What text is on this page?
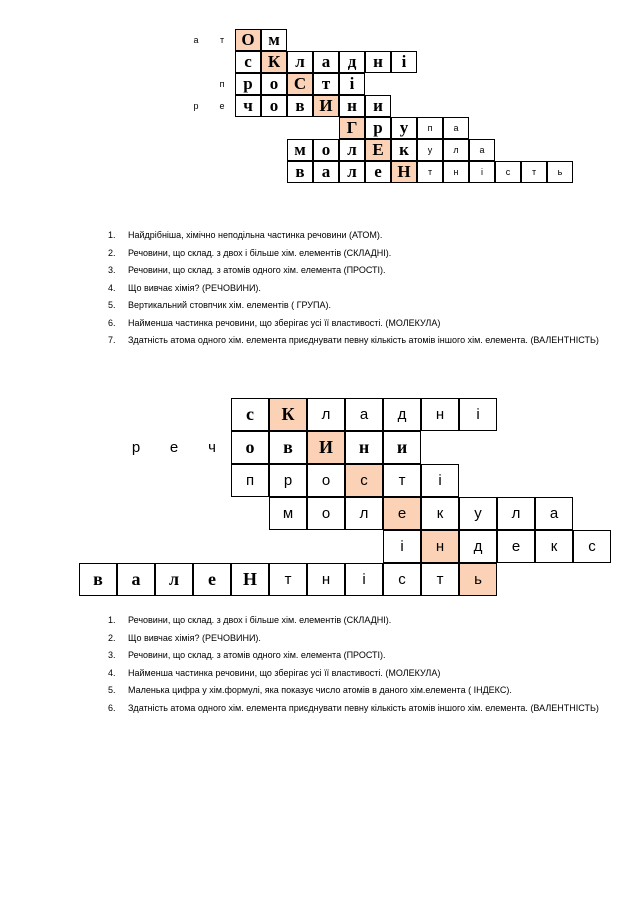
а	т	О м
с К л а	д н	і
п	р	о С т	і
р	е	ч о	в И н и
Г р	у	п	а
м о л Е к	у	л	а
в	а л	е Н	т	н	і	с	т	ь
с	К	л	а	д	н	і
р	е	ч	о	в	И	н	и
п	р	о	с	т	і
м	о	л	е	к	у	л	а
і	н	д	е	к	с
в	а	л	е	Н	т	н	і	с	т	ь
1. Найдрібніша, хімічно неподільна частинка речовини (АТОМ).
2. Речовини, що склад. з двох і більше хім. елементів (СКЛАДНІ).
3. Речовини, що склад. з атомів одного хім. елемента (ПРОСТІ).
4. Що вивчає хімія? (РЕЧОВИНИ).
5. Вертикальний стовпчик хім. елементів ( ГРУПА).
6. Найменша частинка речовини, що зберігає усі її властивості. (МОЛЕКУЛА)
7. Здатність атома одного хім. елемента приєднувати певну кількість атомів іншого хім. елемента. (ВАЛЕНТНІСТЬ)
1. Речовини, що склад. з двох і більше хім. елементів (СКЛАДНІ).
2. Що вивчає хімія? (РЕЧОВИНИ).
3. Речовини, що склад. з атомів одного хім. елемента (ПРОСТІ).
4. Найменша частинка речовини, що зберігає усі її властивості. (МОЛЕКУЛА)
5. Маленька цифра у хім.формулі, яка показує число атомів в даного хім.елемента ( ІНДЕКС).
6. Здатність атома одного хім. елемента приєднувати певну кількість атомів іншого хім. елемента. (ВАЛЕНТНІСТЬ)
